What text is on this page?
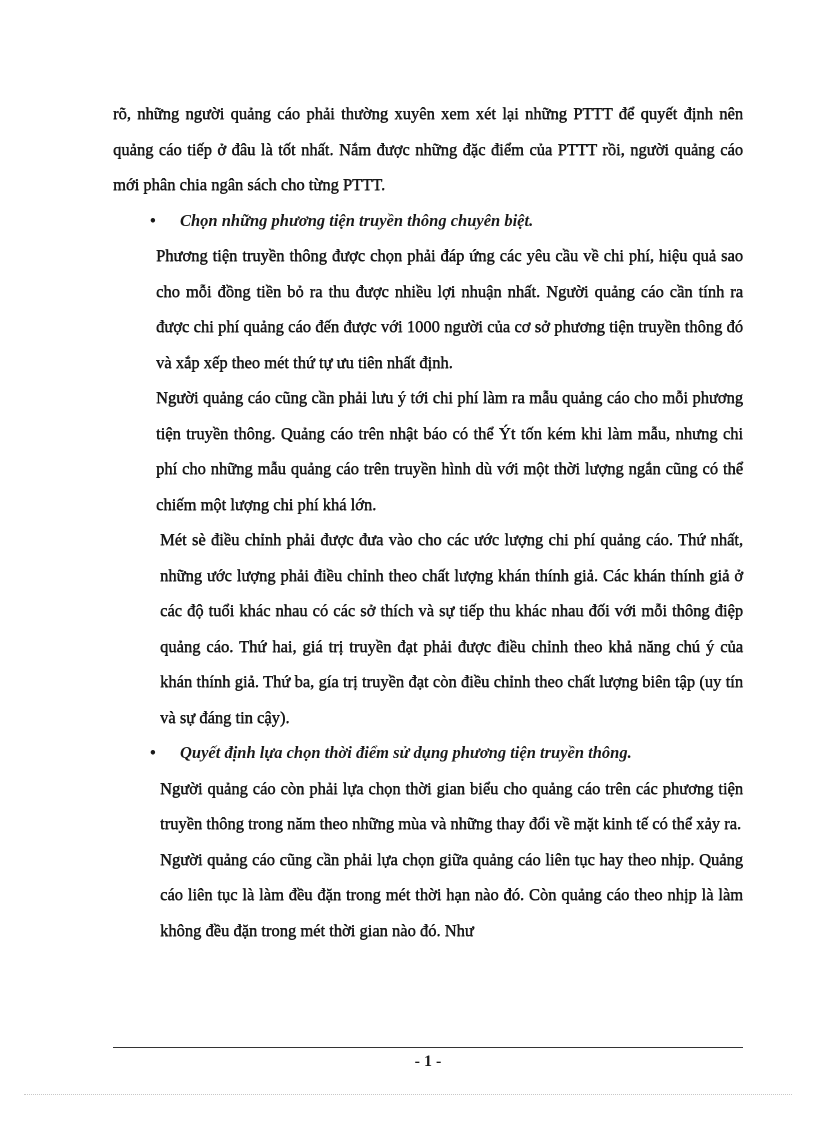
rõ, những người quảng cáo phải thường xuyên xem xét lại những PTTT để quyết định nên quảng cáo tiếp ở đâu là tốt nhất. Nắm được những đặc điểm của PTTT rồi, người quảng cáo mới phân chia ngân sách cho từng PTTT.

• Chọn những phương tiện truyền thông chuyên biệt.

Phương tiện truyền thông được chọn phải đáp ứng các yêu cầu về chi phí, hiệu quả sao cho mỗi đồng tiền bỏ ra thu được nhiều lợi nhuận nhất. Người quảng cáo cần tính ra được chi phí quảng cáo đến được với 1000 người của cơ sở phương tiện truyền thông đó và xắp xếp theo mét thứ tự ưu tiên nhất định.

Người quảng cáo cũng cần phải lưu ý tới chi phí làm ra mẫu quảng cáo cho mỗi phương tiện truyền thông. Quảng cáo trên nhật báo có thể Ýt tốn kém khi làm mẫu, nhưng chi phí cho những mẫu quảng cáo trên truyền hình dù với một thời lượng ngắn cũng có thể chiếm một lượng chi phí khá lớn.

Mét sè điều chỉnh phải được đưa vào cho các ước lượng chi phí quảng cáo. Thứ nhất, những ước lượng phải điều chỉnh theo chất lượng khán thính giả. Các khán thính giả ở các độ tuổi khác nhau có các sở thích và sự tiếp thu khác nhau đối với mỗi thông điệp quảng cáo. Thứ hai, giá trị truyền đạt phải được điều chỉnh theo khả năng chú ý của khán thính giả. Thứ ba, gía trị truyền đạt còn điều chỉnh theo chất lượng biên tập (uy tín và sự đáng tin cậy).

• Quyết định lựa chọn thời điểm sử dụng phương tiện truyền thông.

Người quảng cáo còn phải lựa chọn thời gian biểu cho quảng cáo trên các phương tiện truyền thông trong năm theo những mùa và những thay đổi về mặt kinh tế có thể xảy ra.

Người quảng cáo cũng cần phải lựa chọn giữa quảng cáo liên tục hay theo nhịp. Quảng cáo liên tục là làm đều đặn trong mét thời hạn nào đó. Còn quảng cáo theo nhịp là làm không đều đặn trong mét thời gian nào đó. Như

- 1 -
